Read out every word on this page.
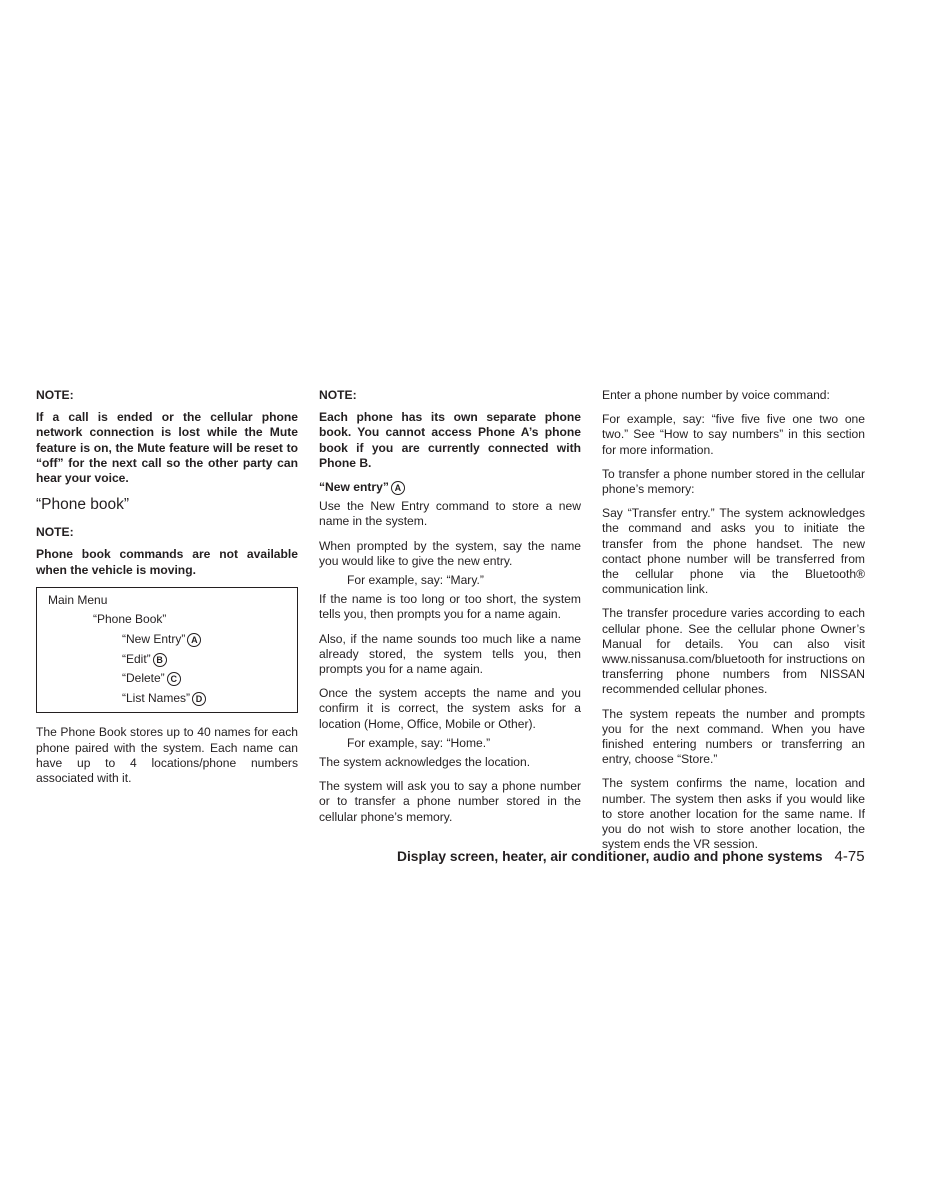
NOTE:

If a call is ended or the cellular phone network connection is lost while the Mute feature is on, the Mute feature will be reset to “off” for the next call so the other party can hear your voice.

“Phone book”
NOTE:

Phone book commands are not available when the vehicle is moving.

Main Menu
“Phone Book”
“New Entry” A
“Edit” B
“Delete” C
“List Names” D

The Phone Book stores up to 40 names for each phone paired with the system. Each name can have up to 4 locations/phone numbers associated with it.

NOTE:

Each phone has its own separate phone book. You cannot access Phone A’s phone book if you are currently connected with Phone B.

“New entry” A

Use the New Entry command to store a new name in the system.

When prompted by the system, say the name you would like to give the new entry.

For example, say: “Mary.”

If the name is too long or too short, the system tells you, then prompts you for a name again.

Also, if the name sounds too much like a name already stored, the system tells you, then prompts you for a name again.

Once the system accepts the name and you confirm it is correct, the system asks for a location (Home, Office, Mobile or Other).

For example, say: “Home.”

The system acknowledges the location.

The system will ask you to say a phone number or to transfer a phone number stored in the cellular phone’s memory.

Enter a phone number by voice command:

For example, say: “five five five one two one two.” See “How to say numbers” in this section for more information.

To transfer a phone number stored in the cellular phone’s memory:

Say “Transfer entry.” The system acknowledges the command and asks you to initiate the transfer from the phone handset. The new contact phone number will be transferred from the cellular phone via the Bluetooth® communication link.

The transfer procedure varies according to each cellular phone. See the cellular phone Owner’s Manual for details. You can also visit www.nissanusa.com/bluetooth for instructions on transferring phone numbers from NISSAN recommended cellular phones.

The system repeats the number and prompts you for the next command. When you have finished entering numbers or transferring an entry, choose “Store.”

The system confirms the name, location and number. The system then asks if you would like to store another location for the same name. If you do not wish to store another location, the system ends the VR session.

Display screen, heater, air conditioner, audio and phone systems 4-75
